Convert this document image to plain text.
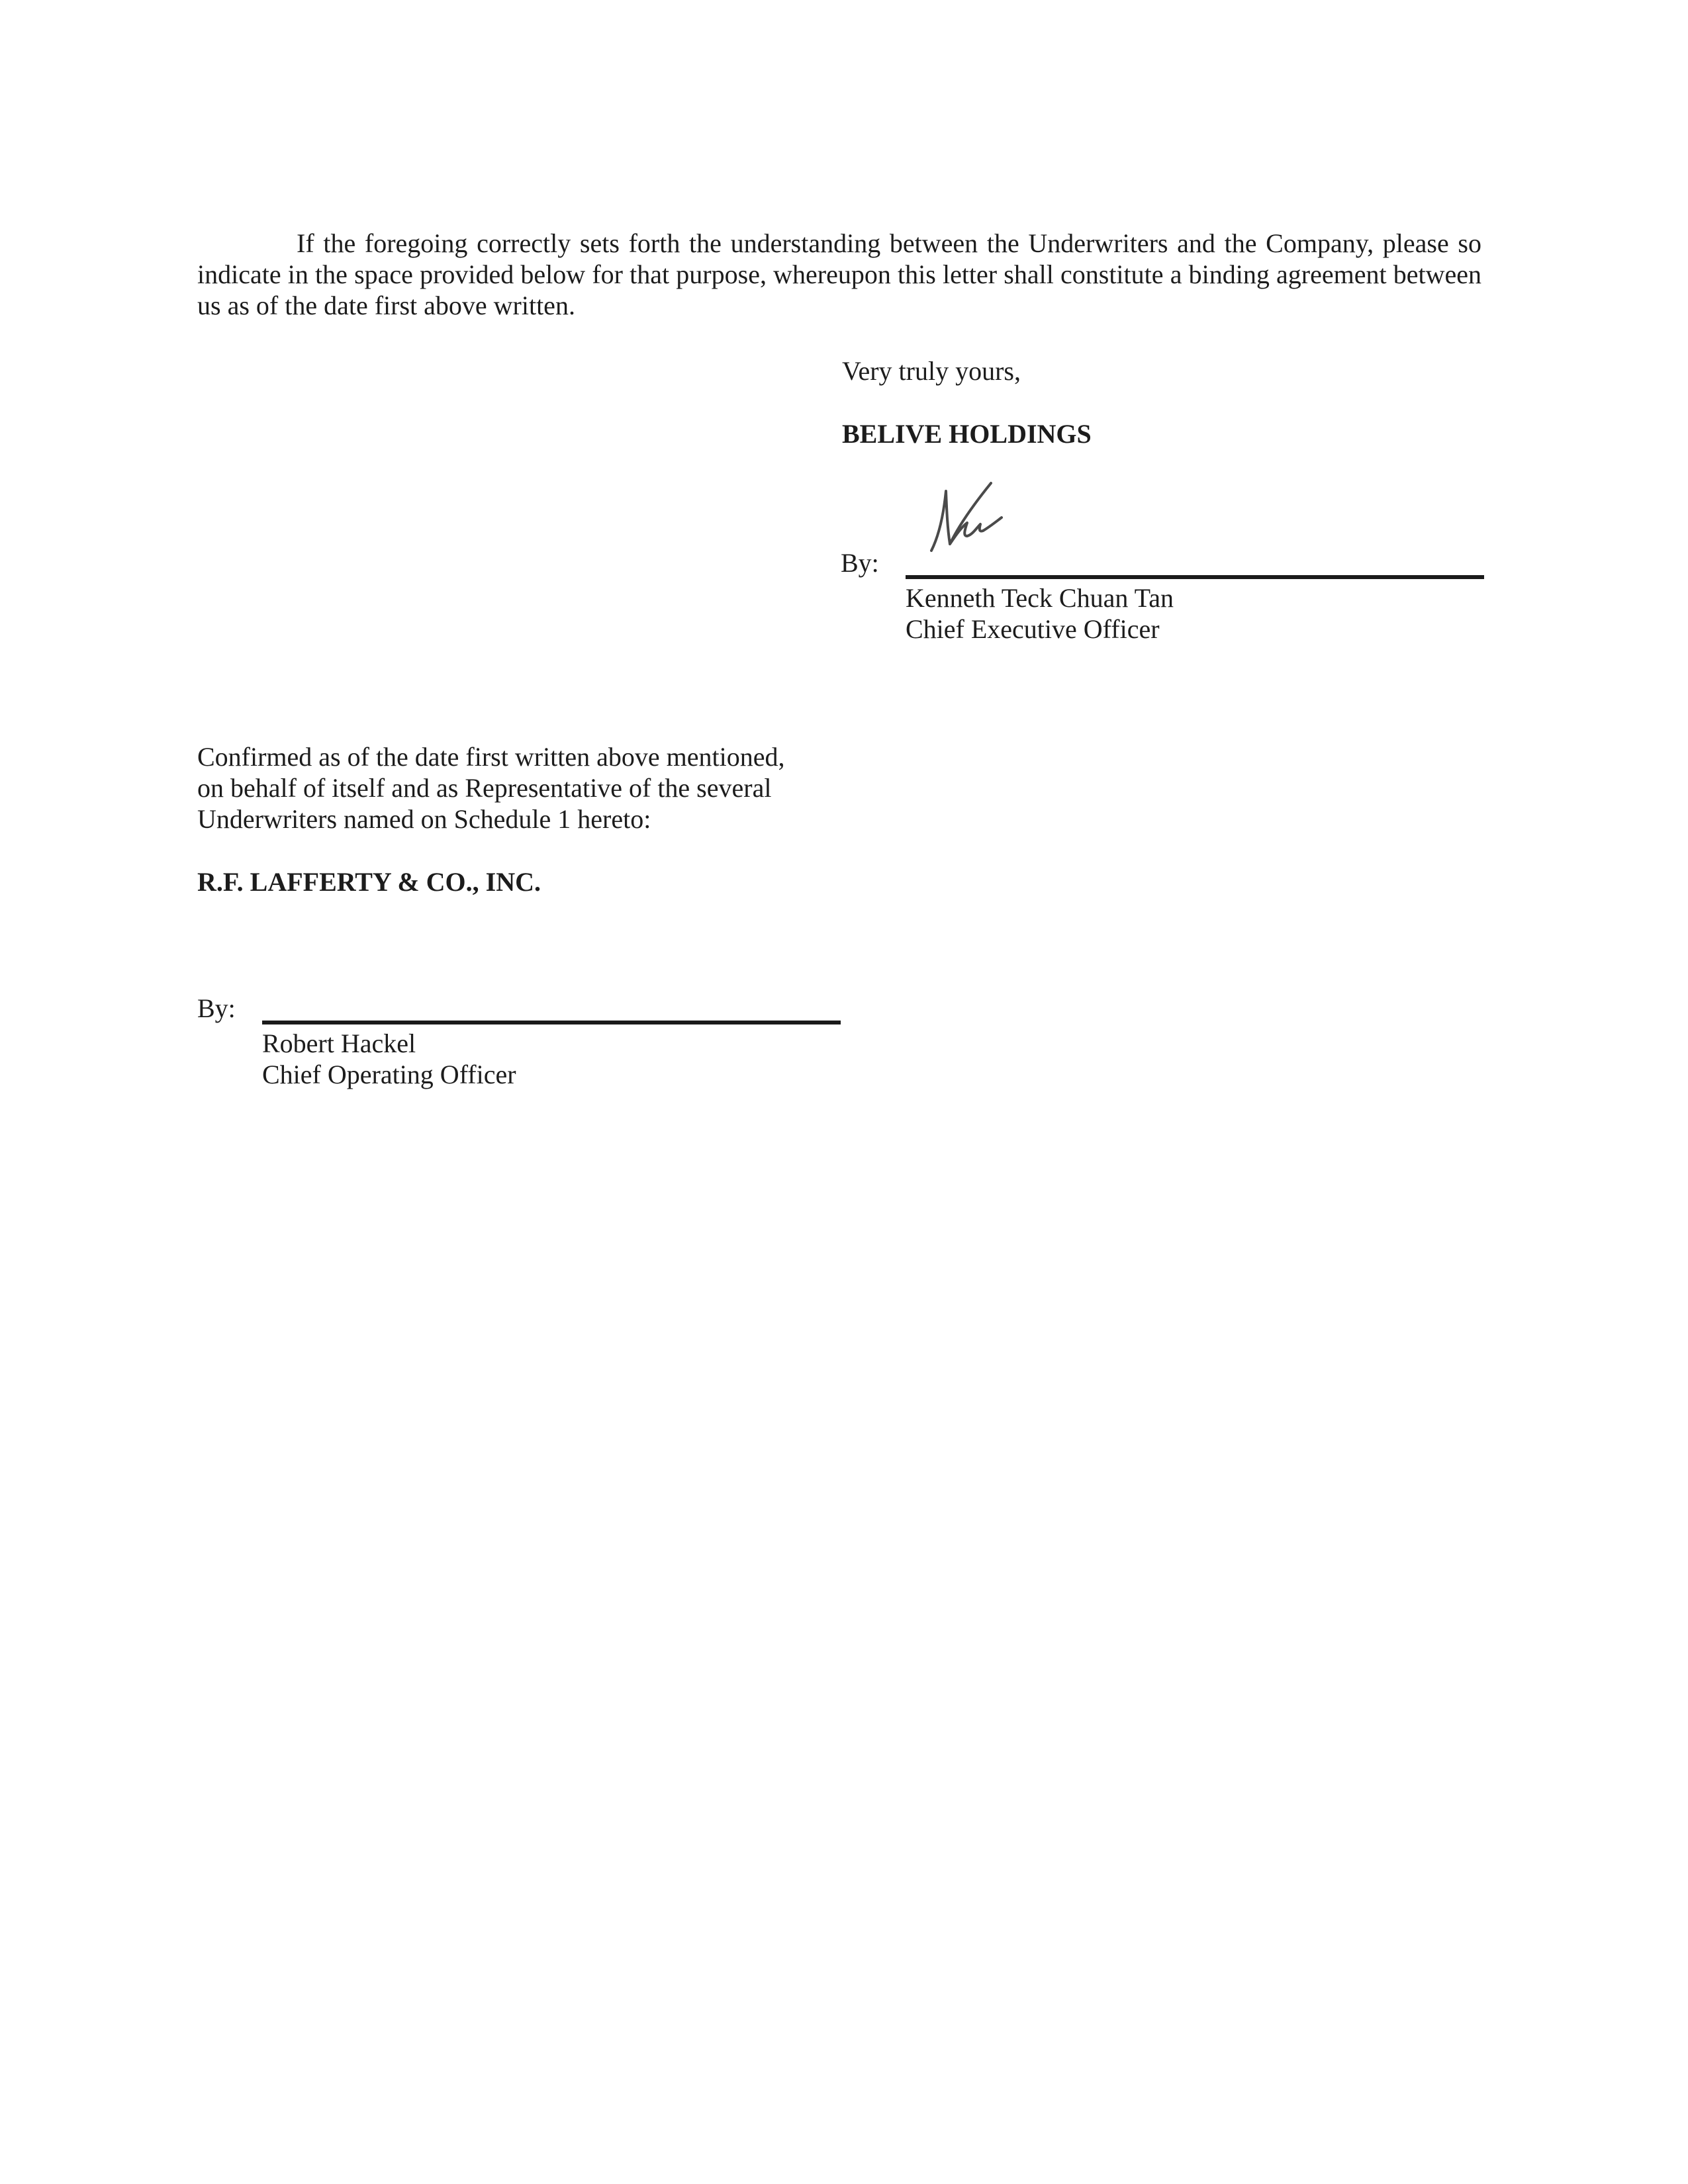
If the foregoing correctly sets forth the understanding between the Underwriters and the Company, please so indicate in the space provided below for that purpose, whereupon this letter shall constitute a binding agreement between us as of the date first above written.
Very truly yours,
BELIVE HOLDINGS
By:
Kenneth Teck Chuan Tan
Chief Executive Officer
Confirmed as of the date first written above mentioned,
on behalf of itself and as Representative of the several
Underwriters named on Schedule 1 hereto:
R.F. LAFFERTY & CO., INC.
By:
Robert Hackel
Chief Operating Officer
